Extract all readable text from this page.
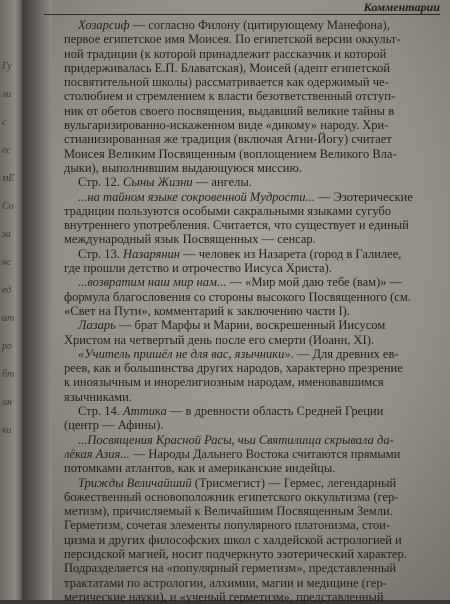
Гу
ли
с
ес
мЕ
Со
за
нс
ед
ат
ро
бт
ан
ки
Комментарии
Хозарсиф — согласно Филону (цитирующему Манефона),
первое египетское имя Моисея. По египетской версии оккульт-
ной традиции (к которой принадлежит рассказчик и которой
придерживалась Е.П. Блаватская), Моисей (адепт египетской
посвятительной школы) рассматривается как одержимый че-
столюбием и стремлением к власти безответственный отступ-
ник от обетов своего посвящения, выдавший великие тайны в
вульгаризированно-искаженном виде «дикому» народу. Хри-
стианизированная же традиция (включая Агни-Йогу) считает
Моисея Великим Посвященным (воплощением Великого Вла-
дыки), выполнившим выдающуюся миссию.
Стр. 12. Сыны Жизни — ангелы.
...на тайном языке сокровенной Мудрости... — Эзотерические
традиции пользуются особыми сакральными языками сугубо
внутреннего употребления. Считается, что существует и единый
международный язык Посвященных — сенсар.
Стр. 13. Назарянин — человек из Назарета (город в Галилее,
где прошли детство и отрочество Иисуса Христа).
...возвратим наш мир нам... — «Мир мой даю тебе (вам)» —
формула благословения со стороны высокого Посвященного (см.
«Свет на Пути», комментарий к заключению части I).
Лазарь — брат Марфы и Марии, воскрешенный Иисусом
Христом на четвертый день после его смерти (Иоанн, XI).
«Учитель пришёл не для вас, язычники». — Для древних ев-
реев, как и большинства других народов, характерно презрение
к иноязычным и инорелигиозным народам, именовавшимся
язычниками.
Стр. 14. Аттика — в древности область Средней Греции
(центр — Афины).
...Посвящения Красной Расы, чьи Святилища скрывала да-
лёкая Азия... — Народы Дальнего Востока считаются прямыми
потомками атлантов, как и американские индейцы.
Трижды Величайший (Трисмегист) — Гермес, легендарный
божественный основоположник египетского оккультизма (гер-
метизм), причисляемый к Величайшим Посвященным Земли.
Герметизм, сочетая элементы популярного платонизма, стои-
цизма и других философских школ с халдейской астрологией и
персидской магией, носит подчеркнуто эзотерический характер.
Подразделяется на «популярный герметизм», представленный
трактатами по астрологии, алхимии, магии и медицине (гер-
метические науки), и «ученый герметизм», представленный
